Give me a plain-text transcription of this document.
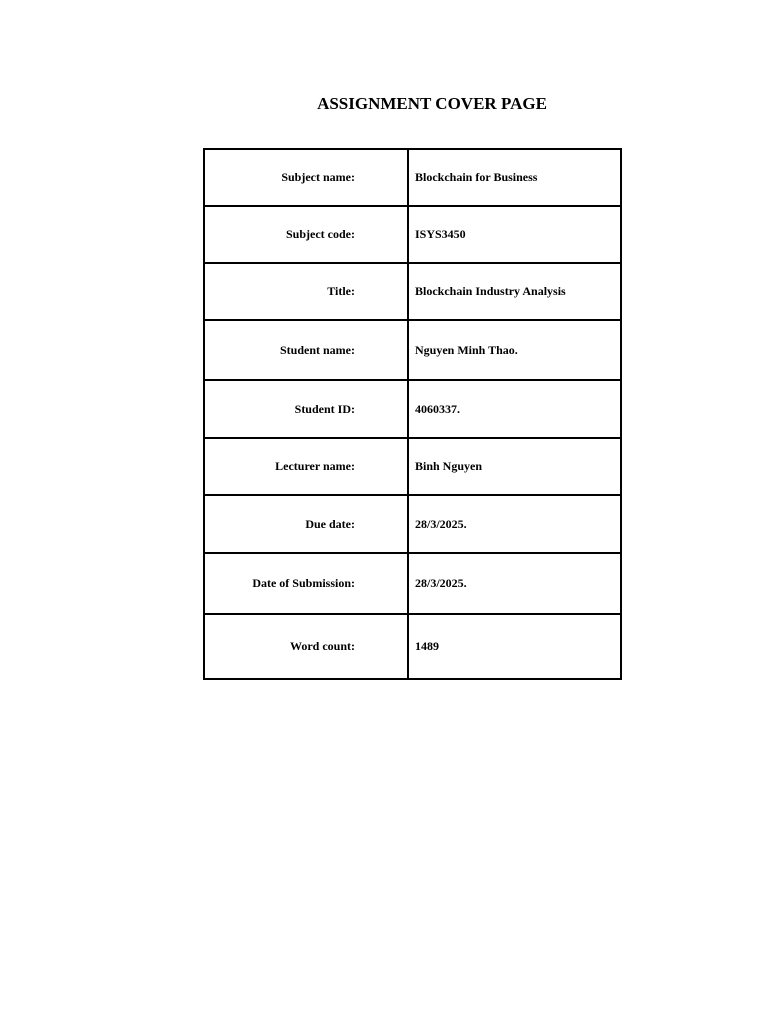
ASSIGNMENT COVER PAGE
Subject name:	Blockchain for Business
Subject code:	ISYS3450
Title:	Blockchain Industry Analysis
Student name:	Nguyen Minh Thao.
Student ID:	4060337.
Lecturer name:	Binh Nguyen
Due date:	28/3/2025.
Date of Submission:	28/3/2025.
Word count:	1489
